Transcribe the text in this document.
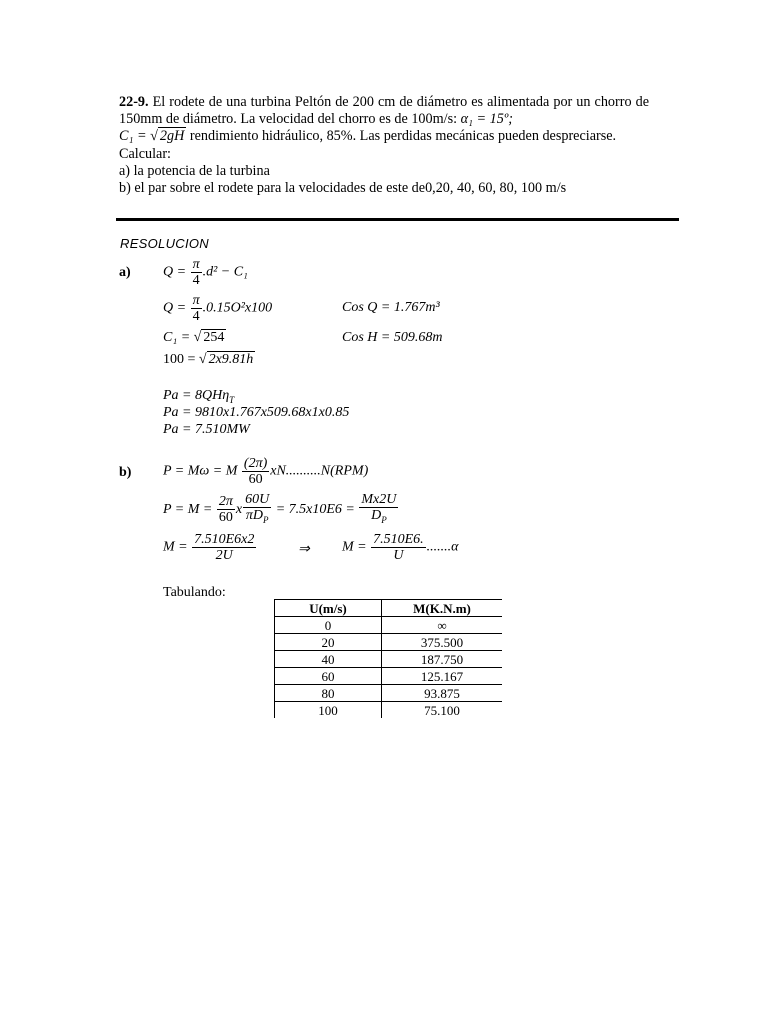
22-9. El rodete de una turbina Peltón de 200 cm de diámetro es alimentada por un chorro de 150mm de diámetro. La velocidad del chorro es de 100m/s: α₁ = 15º;

C₁ = √ 2gH rendimiento hidráulico, 85%. Las perdidas mecánicas pueden despreciarse.

Calcular:

a) la potencia de la turbina

b) el par sobre el rodete para la velocidades de este de0,20, 40, 60, 80, 100 m/s

RESOLUCION
a) $Q = \frac{\pi}{4} .d^2 - C_1$
$Q = \frac{\pi}{4} .0.15O^2x100$	Cos Q = 1.767m³
C₁ = √ 254	Cos H = 509.68m
100 = √ 2x9.81h
Pa = 8QHη$_T$
Pa = 9810x1.767x509.68x1x0.85
Pa = 7.510MW
b) P = Mω = M $\frac{(2\pi)}{60} xN..........N(RPM)$
$P = M = \frac{2\pi}{60}$ x $\frac{60U}{\pi D_P} = 7.5x10E6 = \frac{Mx2U}{D_P}$
$M = \frac{7.510E6x2}{2U}$	⇒ $M = \frac{7.510E6.}{U} .......\alpha$
Tabulando:
U(m/s)	M(K.N.m)
0	∞
20	375.500
40	187.750
60	125.167
80	93.875
100	75.100
